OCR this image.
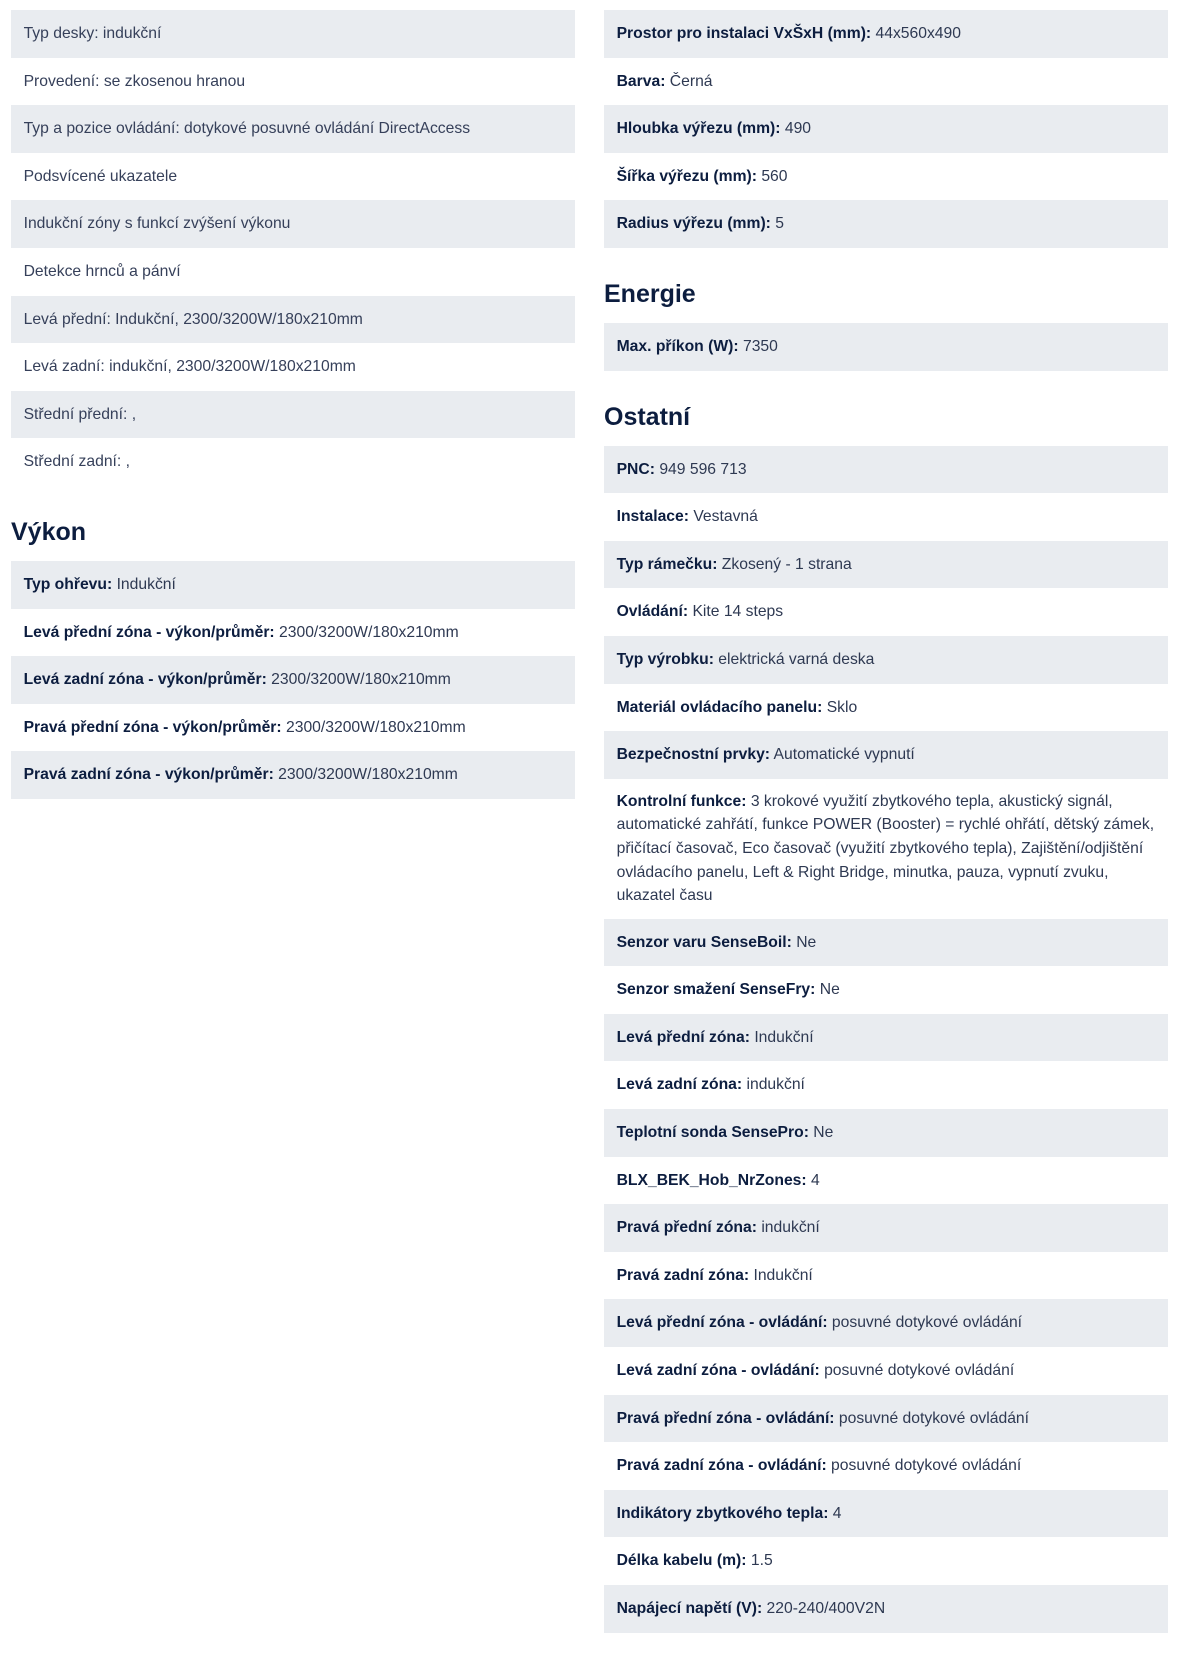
Typ desky: indukční
Provedení: se zkosenou hranou
Typ a pozice ovládání: dotykové posuvné ovládání DirectAccess
Podsvícené ukazatele
Indukční zóny s funkcí zvýšení výkonu
Detekce hrnců a pánví
Levá přední: Indukční, 2300/3200W/180x210mm
Levá zadní: indukční, 2300/3200W/180x210mm
Střední přední: ,
Střední zadní: ,
Výkon
Typ ohřevu: Indukční
Levá přední zóna - výkon/průměr: 2300/3200W/180x210mm
Levá zadní zóna - výkon/průměr: 2300/3200W/180x210mm
Pravá přední zóna - výkon/průměr: 2300/3200W/180x210mm
Pravá zadní zóna - výkon/průměr: 2300/3200W/180x210mm
Prostor pro instalaci VxŠxH (mm): 44x560x490
Barva: Černá
Hloubka výřezu (mm): 490
Šířka výřezu (mm): 560
Radius výřezu (mm): 5
Energie
Max. příkon (W): 7350
Ostatní
PNC: 949 596 713
Instalace: Vestavná
Typ rámečku: Zkosený - 1 strana
Ovládání: Kite 14 steps
Typ výrobku: elektrická varná deska
Materiál ovládacího panelu: Sklo
Bezpečnostní prvky: Automatické vypnutí
Kontrolní funkce: 3 krokové využití zbytkového tepla, akustický signál, automatické zahřátí, funkce POWER (Booster) = rychlé ohřátí, dětský zámek, přičítací časovač, Eco časovač (využití zbytkového tepla), Zajištění/odjištění ovládacího panelu, Left & Right Bridge, minutka, pauza, vypnutí zvuku, ukazatel času
Senzor varu SenseBoil: Ne
Senzor smažení SenseFry: Ne
Levá přední zóna: Indukční
Levá zadní zóna: indukční
Teplotní sonda SensePro: Ne
BLX_BEK_Hob_NrZones: 4
Pravá přední zóna: indukční
Pravá zadní zóna: Indukční
Levá přední zóna - ovládání: posuvné dotykové ovládání
Levá zadní zóna - ovládání: posuvné dotykové ovládání
Pravá přední zóna - ovládání: posuvné dotykové ovládání
Pravá zadní zóna - ovládání: posuvné dotykové ovládání
Indikátory zbytkového tepla: 4
Délka kabelu (m): 1.5
Napájecí napětí (V): 220-240/400V2N
